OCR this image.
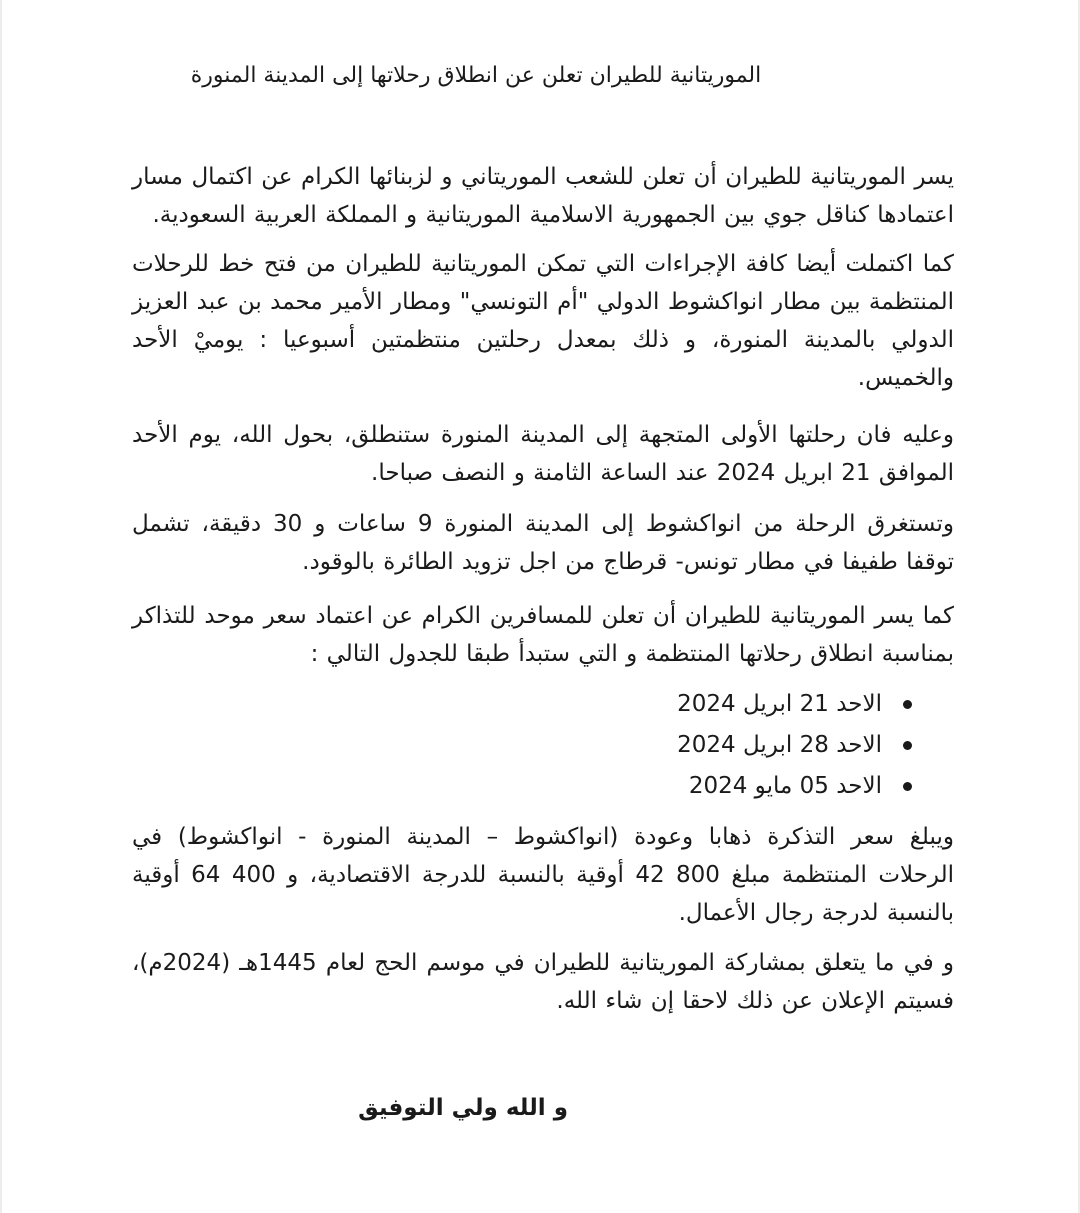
الموريتانية للطيران تعلن عن انطلاق رحلاتها إلى المدينة المنورة
يسر الموريتانية للطيران أن تعلن للشعب الموريتاني و لزبنائها الكرام عن اكتمال مسار اعتمادها كناقل جوي بين الجمهورية الاسلامية الموريتانية و المملكة العربية السعودية.
كما اكتملت أيضا كافة الإجراءات التي تمكن الموريتانية للطيران من فتح خط للرحلات المنتظمة بين مطار انواكشوط الدولي "أم التونسي" ومطار الأمير محمد بن عبد العزيز الدولي بالمدينة المنورة، و ذلك بمعدل رحلتين منتظمتين أسبوعيا : يوميْ الأحد والخميس.
وعليه فان رحلتها الأولى المتجهة إلى المدينة المنورة ستنطلق، بحول الله، يوم الأحد الموافق 21 ابريل 2024 عند الساعة الثامنة و النصف صباحا.
وتستغرق الرحلة من انواكشوط إلى المدينة المنورة 9 ساعات و 30 دقيقة، تشمل توقفا طفيفا في مطار تونس- قرطاج من اجل تزويد الطائرة بالوقود.
كما يسر الموريتانية للطيران أن تعلن للمسافرين الكرام عن اعتماد سعر موحد للتذاكر بمناسبة انطلاق رحلاتها المنتظمة و التي ستبدأ طبقا للجدول التالي :
الاحد 21 ابريل 2024
الاحد 28 ابريل 2024
الاحد 05 مايو 2024
ويبلغ سعر التذكرة ذهابا وعودة (انواكشوط – المدينة المنورة - انواكشوط) في الرحلات المنتظمة مبلغ 800 42 أوقية بالنسبة للدرجة الاقتصادية، و 400 64 أوقية بالنسبة لدرجة رجال الأعمال.
و في ما يتعلق بمشاركة الموريتانية للطيران في موسم الحج لعام 1445هـ (2024م)، فسيتم الإعلان عن ذلك لاحقا إن شاء الله.
و الله ولي التوفيق
